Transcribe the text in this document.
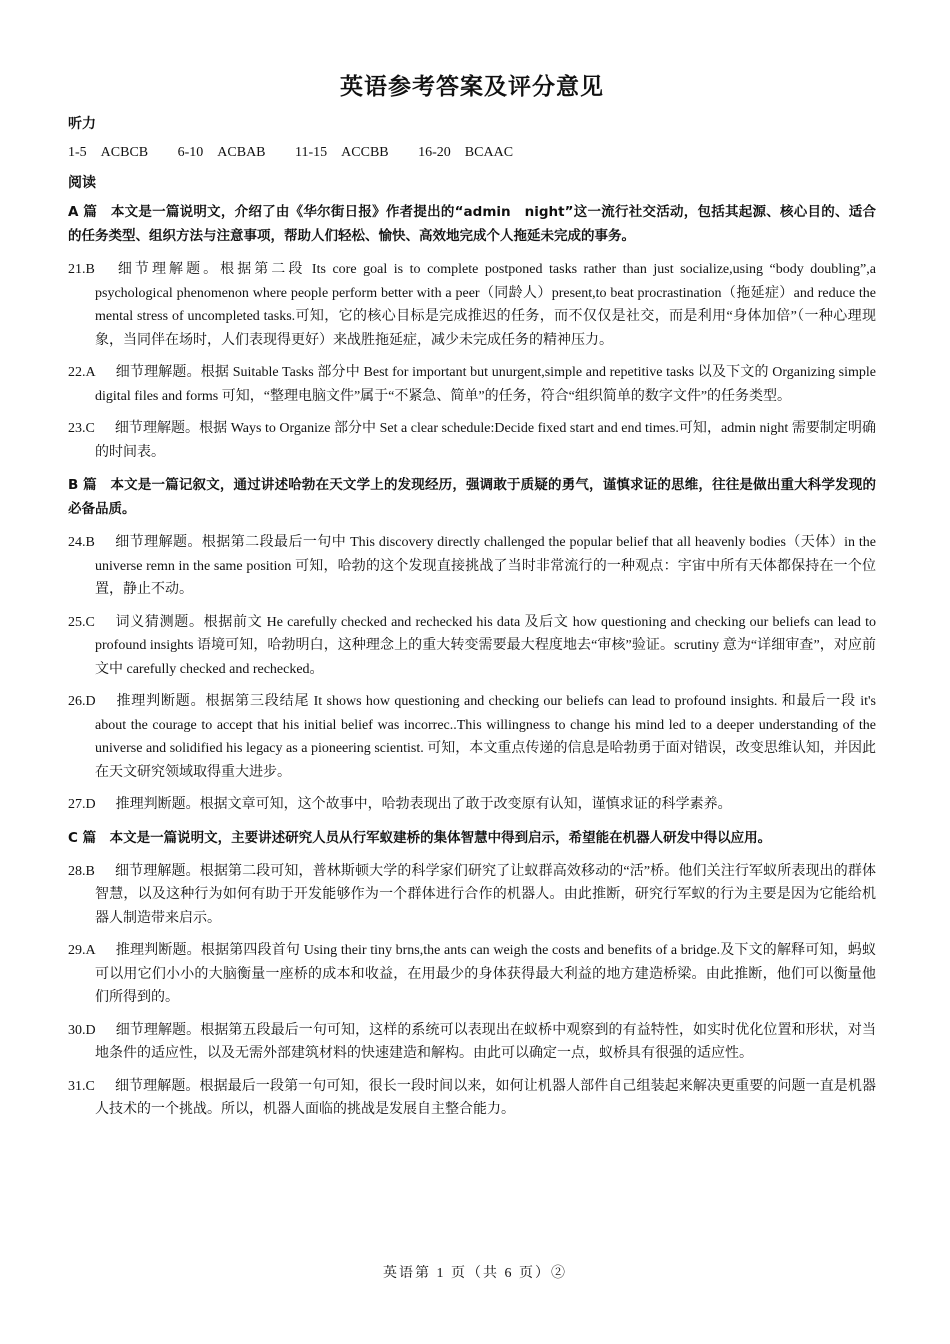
英语参考答案及评分意见
听力
1-5　ACBCB 6-10　ACBAB 11-15　ACCBB 16-20　BCAAC
阅读

A 篇　本文是一篇说明文，介绍了由《华尔街日报》作者提出的“admin　night”这一流行社交活动，包括其起源、核心目的、适合的任务类型、组织方法与注意事项，帮助人们轻松、愉快、高效地完成个人拖延未完成的事务。

21.B 细节理解题。根据第二段 Its core goal is to complete postponed tasks rather than just socialize,using “body doubling”,a psychological phenomenon where people perform better with a peer（同龄人）present,to beat procrastination（拖延症）and reduce the mental stress of uncompleted tasks.可知，它的核心目标是完成推迟的任务，而不仅仅是社交，而是利用“身体加倍”（一种心理现象，当同伴在场时，人们表现得更好）来战胜拖延症，减少未完成任务的精神压力。

22.A 细节理解题。根据 Suitable Tasks 部分中 Best for important but unurgent,simple and repetitive tasks 以及下文的 Organizing simple digital files and forms 可知，“整理电脑文件”属于“不紧急、简单”的任务，符合“组织简单的数字文件”的任务类型。

23.C 细节理解题。根据 Ways to Organize 部分中 Set a clear schedule:Decide fixed start and end times.可知，admin night 需要制定明确的时间表。

B 篇　本文是一篇记叙文，通过讲述哈勃在天文学上的发现经历，强调敢于质疑的勇气，谨慎求证的思维，往往是做出重大科学发现的必备品质。

24.B 细节理解题。根据第二段最后一句中 This discovery directly challenged the popular belief that all heavenly bodies（天体）in the universe remn in the same position 可知，哈勃的这个发现直接挑战了当时非常流行的一种观点：宇宙中所有天体都保持在一个位置，静止不动。

25.C 词义猜测题。根据前文 He carefully checked and rechecked his data 及后文 how questioning and checking our beliefs can lead to profound insights 语境可知，哈勃明白，这种理念上的重大转变需要最大程度地去“审核”验证。scrutiny 意为“详细审查”，对应前文中 carefully checked and rechecked。

26.D 推理判断题。根据第三段结尾 It shows how questioning and checking our beliefs can lead to profound insights. 和最后一段 it's about the courage to accept that his initial belief was incorrec..This willingness to change his mind led to a deeper understanding of the universe and solidified his legacy as a pioneering scientist. 可知，本文重点传递的信息是哈勃勇于面对错误，改变思维认知，并因此在天文研究领域取得重大进步。

27.D 推理判断题。根据文章可知，这个故事中，哈勃表现出了敢于改变原有认知，谨慎求证的科学素养。

C 篇　本文是一篇说明文，主要讲述研究人员从行军蚁建桥的集体智慧中得到启示，希望能在机器人研发中得以应用。

28.B 细节理解题。根据第二段可知，普林斯顿大学的科学家们研究了让蚁群高效移动的“活”桥。他们关注行军蚁所表现出的群体智慧，以及这种行为如何有助于开发能够作为一个群体进行合作的机器人。由此推断，研究行军蚁的行为主要是因为它能给机器人制造带来启示。

29.A 推理判断题。根据第四段首句 Using their tiny brns,the ants can weigh the costs and benefits of a bridge.及下文的解释可知，蚂蚁可以用它们小小的大脑衡量一座桥的成本和收益，在用最少的身体获得最大利益的地方建造桥梁。由此推断，他们可以衡量他们所得到的。

30.D 细节理解题。根据第五段最后一句可知，这样的系统可以表现出在蚁桥中观察到的有益特性，如实时优化位置和形状，对当地条件的适应性，以及无需外部建筑材料的快速建造和解构。由此可以确定一点，蚁桥具有很强的适应性。

31.C 细节理解题。根据最后一段第一句可知，很长一段时间以来，如何让机器人部件自己组装起来解决更重要的问题一直是机器人技术的一个挑战。所以，机器人面临的挑战是发展自主整合能力。

英语第 1 页（共 6 页）②
